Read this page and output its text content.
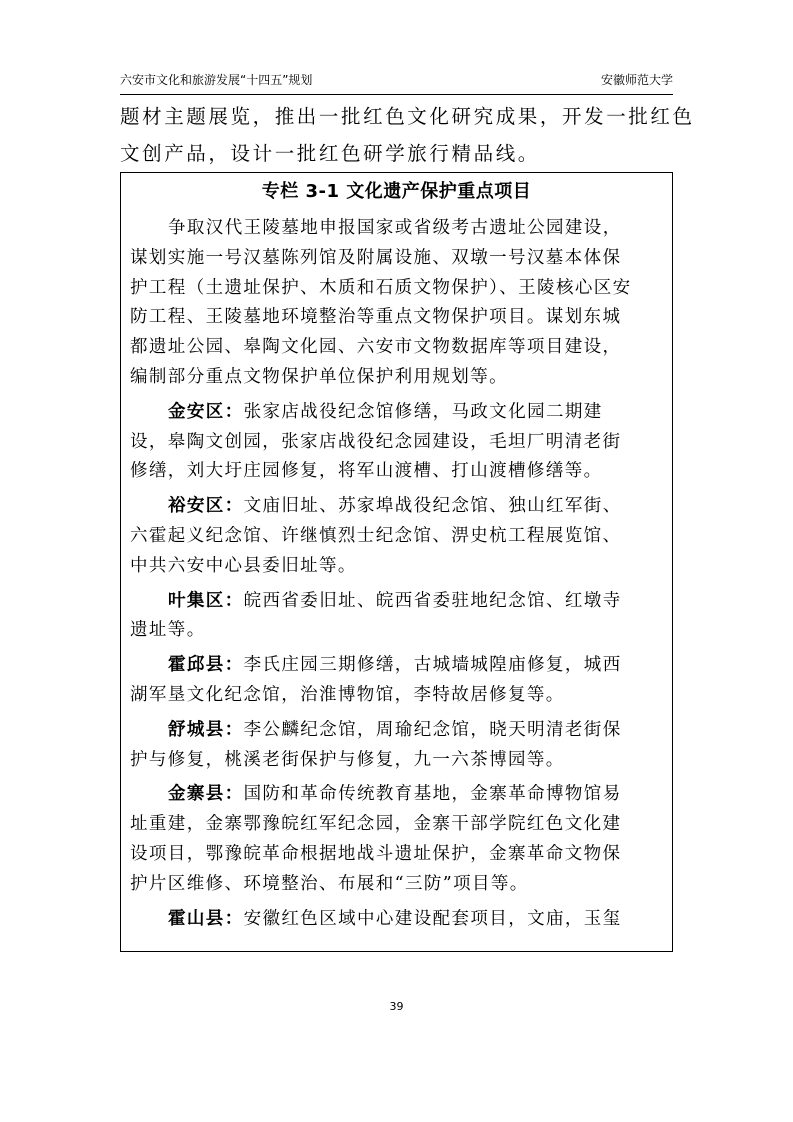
六安市文化和旅游发展“十四五”规划	安徽师范大学
题材主题展览，推出一批红色文化研究成果，开发一批红色
文创产品，设计一批红色研学旅行精品线。
专栏 3-1 文化遗产保护重点项目
争取汉代王陵墓地申报国家或省级考古遗址公园建设，
谋划实施一号汉墓陈列馆及附属设施、双墩一号汉墓本体保
护工程（土遗址保护、木质和石质文物保护）、王陵核心区安
防工程、王陵墓地环境整治等重点文物保护项目。谋划东城
都遗址公园、皋陶文化园、六安市文物数据库等项目建设，
编制部分重点文物保护单位保护利用规划等。
金安区：张家店战役纪念馆修缮，马政文化园二期建
设，皋陶文创园，张家店战役纪念园建设，毛坦厂明清老街
修缮，刘大圩庄园修复，将军山渡槽、打山渡槽修缮等。
裕安区：文庙旧址、苏家埠战役纪念馆、独山红军街、
六霍起义纪念馆、许继慎烈士纪念馆、淠史杭工程展览馆、
中共六安中心县委旧址等。
叶集区：皖西省委旧址、皖西省委驻地纪念馆、红墩寺
遗址等。
霍邱县：李氏庄园三期修缮，古城墙城隍庙修复，城西
湖军垦文化纪念馆，治淮博物馆，李特故居修复等。
舒城县：李公麟纪念馆，周瑜纪念馆，晓天明清老街保
护与修复，桃溪老街保护与修复，九一六茶博园等。
金寨县：国防和革命传统教育基地，金寨革命博物馆易
址重建，金寨鄂豫皖红军纪念园，金寨干部学院红色文化建
设项目，鄂豫皖革命根据地战斗遗址保护，金寨革命文物保
护片区维修、环境整治、布展和“三防”项目等。
霍山县：安徽红色区域中心建设配套项目，文庙，玉玺
39
